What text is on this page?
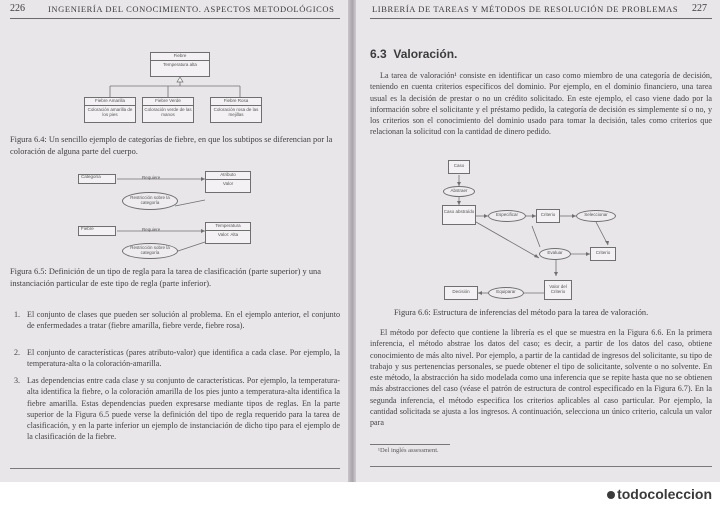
226	INGENIERÍA DEL CONOCIMIENTO. ASPECTOS METODOLÓGICOS
Fiebre
Temperatura alta
Fiebre Amarilla
Coloración amarilla de los pies
Fiebre Verde
Coloración verde de las manos
Fiebre Rosa
Coloración rosa de las mejillas
Figura 6.4: Un sencillo ejemplo de categorías de fiebre, en que los subtipos se diferencian por la coloración de alguna parte del cuerpo.
Categoría	Requiere
Atributo
Valor
Restricción sobre la categoría
Fiebre	Requiere
Temperatura
Valor: Alta
Restricción sobre la categoría
Figura 6.5: Definición de un tipo de regla para la tarea de clasificación (parte superior) y una instanciación particular de este tipo de regla (parte inferior).
1. El conjunto de clases que pueden ser solución al problema. En el ejemplo anterior, el conjunto de enfermedades a tratar (fiebre amarilla, fiebre verde, fiebre rosa).
2. El conjunto de características (pares atributo-valor) que identifica a cada clase. Por ejemplo, la temperatura-alta o la coloración-amarilla.
3. Las dependencias entre cada clase y su conjunto de características. Por ejemplo, la temperatura-alta identifica la fiebre, o la coloración amarilla de los pies junto a temperatura-alta identifica la fiebre amarilla. Estas dependencias pueden expresarse mediante tipos de reglas. En la parte superior de la Figura 6.5 puede verse la definición del tipo de regla requerido para la tarea de clasificación, y en la parte inferior un ejemplo de instanciación de dicho tipo para el ejemplo de la clasificación de la fiebre.
LIBRERÍA DE TAREAS Y MÉTODOS DE RESOLUCIÓN DE PROBLEMAS 227
6.3 Valoración.
La tarea de valoración¹ consiste en identificar un caso como miembro de una categoría de decisión, teniendo en cuenta criterios específicos del dominio. Por ejemplo, en el dominio financiero, una tarea usual es la decisión de prestar o no un crédito solicitado. En este ejemplo, el caso viene dado por la información sobre el solicitante y el préstamo pedido, la categoría de decisión es simplemente sí o no, y los criterios son el conocimiento del dominio usado para tomar la decisión, tales como criterios que relacionan la solicitud con la cantidad de dinero pedido.
Caso
Abstraer
Caso abstraído
Especificar	Criterio	Seleccionar
Evaluar	Criterio
Decisión	Equiparar
Valor del Criterio
Figura 6.6: Estructura de inferencias del método para la tarea de valoración.
El método por defecto que contiene la librería es el que se muestra en la Figura 6.6. En la primera inferencia, el método abstrae los datos del caso; es decir, a partir de los datos del caso, obtiene conocimiento de más alto nivel. Por ejemplo, a partir de la cantidad de ingresos del solicitante, su tipo de trabajo y sus pertenencias personales, se puede obtener el tipo de solicitante, solvente o no solvente. En este método, la abstracción ha sido modelada como una inferencia que se repite hasta que no se obtienen más abstracciones del caso (véase el patrón de estructura de control especificado en la Figura 6.7). En la segunda inferencia, el método especifica los criterios aplicables al caso particular. Por ejemplo, la cantidad solicitada se ajusta a los ingresos. A continuación, selecciona un único criterio, calcula un valor para
¹Del inglés assessment.
todocoleccion
